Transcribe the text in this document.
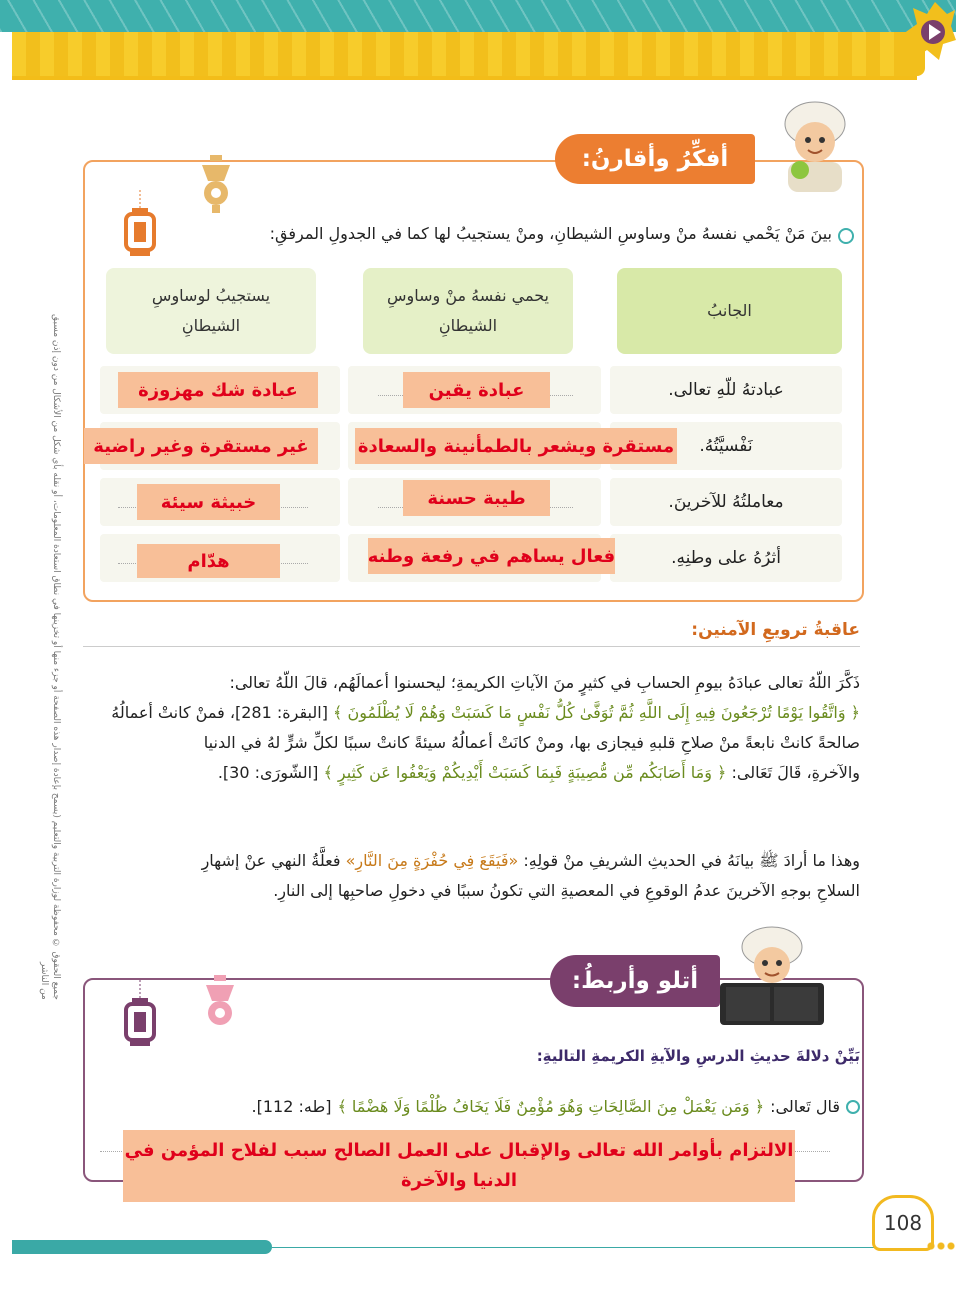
جميع الحقوق © محفوظة لوزارة التربية والتعليم (يسمح بإعادة إصدار هذه الصفحة أو جزء منها أو تخزينها في نطاق استعادة المعلومات، أو نقله بأي شكل من الأشكال من دون إذن مسبق من الناشر
أفكِّرُ وأقارنُ:
بينَ مَنْ يَحْمي نفسهُ منْ وساوسِ الشيطانِ، ومنْ يستجيبُ لها كما في الجدولِ المرفقِ:
الجانبُ
يحمي نفسهُ منْ وساوسِ الشيطانِ
يستجيبُ لوساوسِ الشيطانِ
عبادتهُ للّهِ تعالى.
نَفْسيَّتُهُ.
معاملتُهُ للآخرينَ.
أثرُهُ على وطنِهِ.
عبادة يقين
مستقرة ويشعر بالطمأنينة والسعادة
طيبة حسنة
فعال يساهم في رفعة وطنه
عبادة شك مهزوزة
غير مستقرة وغير راضية
خبيثة سيئة
هدّام
عاقبةُ ترويعِ الآمنين:
ذَكَّرَ اللّهُ تعالى عبادَهُ بيومِ الحسابِ في كثيرٍ منَ الآياتِ الكريمةِ؛ ليحسنوا أعمالَهُم، قالَ اللّهُ تعالى:
﴿ وَاتَّقُوا يَوْمًا تُرْجَعُونَ فِيهِ إِلَى اللَّهِ ثُمَّ تُوَفَّىٰ كُلُّ نَفْسٍ مَا كَسَبَتْ وَهُمْ لَا يُظْلَمُونَ ﴾ [البقرة: 281]، فمنْ كانتْ أعمالُهُ
صالحةً كانتْ نابعةً منْ صلاحِ قلبهِ فيجازى بها، ومنْ كانَتْ أعمالُهُ سيئةً كانتْ سببًا لكلِّ شرٍّ لهُ في الدنيا
والآخرةِ، قَالَ تَعَالى: ﴿ وَمَا أَصَابَكُم مِّن مُّصِيبَةٍ فَبِمَا كَسَبَتْ أَيْدِيكُمْ وَيَعْفُوا عَن كَثِيرٍ ﴾ [الشّورَى: 30].
وهذا ما أرادَ ﷺ بيانَهُ في الحديثِ الشريفِ منْ قولِهِ: «فَيَقَعَ فِي حُفْرَةٍ مِنَ النَّارِ» فعلَّةُ النهي عنْ إشهارِ
السلاحِ بوجهِ الآخرينَ عدمُ الوقوعِ في المعصيةِ التي تكونُ سببًا في دخولِ صاحبِها إلى النارِ.
أتلو وأربطُ:
بَيِّنْ دلالةَ حديثِ الدرسِ والآيةِ الكريمةِ التاليةِ:
قال تَعالى:
﴿ وَمَن يَعْمَلْ مِنَ الصَّالِحَاتِ وَهُوَ مُؤْمِنٌ فَلَا يَخَافُ ظُلْمًا وَلَا هَضْمًا ﴾
[طه: 112].
الالتزام بأوامر الله تعالى والإقبال على العمل الصالح سبب لفلاح المؤمن في الدنيا والآخرة
108
